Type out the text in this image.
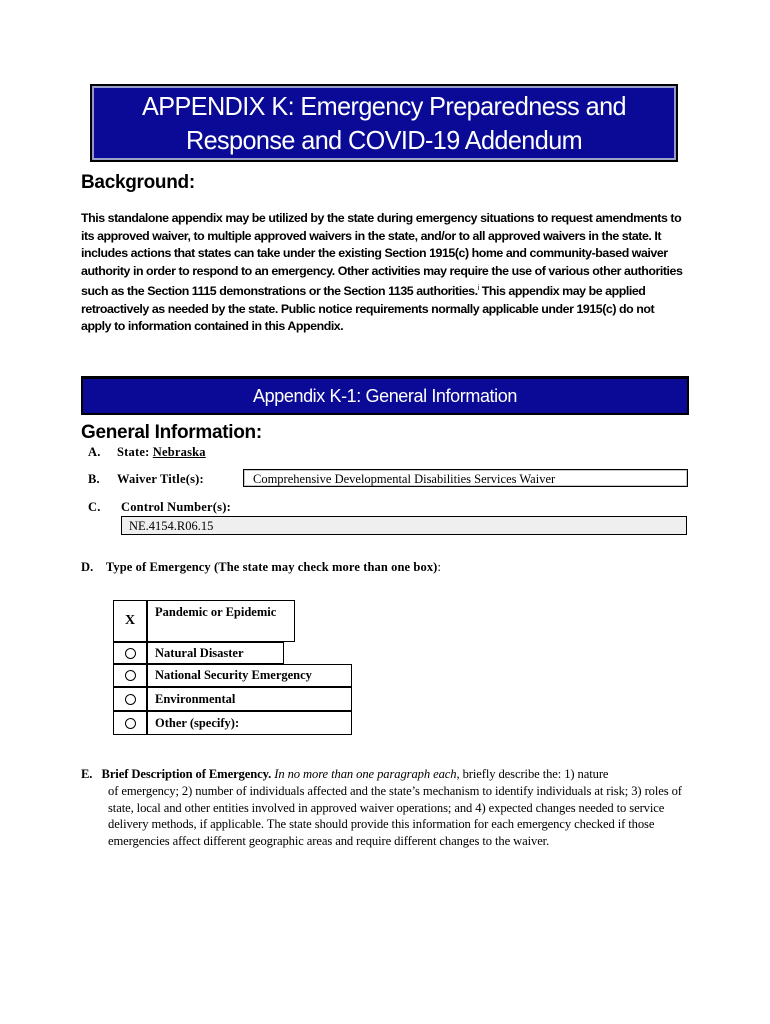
APPENDIX K: Emergency Preparedness and
Response and COVID-19 Addendum
Background:

This standalone appendix may be utilized by the state during emergency situations to request amendments to its approved waiver, to multiple approved waivers in the state, and/or to all approved waivers in the state. It includes actions that states can take under the existing Section 1915(c) home and community-based waiver authority in order to respond to an emergency. Other activities may require the use of various other authorities such as the Section 1115 demonstrations or the Section 1135 authorities.$^i$ This appendix may be applied retroactively as needed by the state. Public notice requirements normally applicable under 1915(c) do not apply to information contained in this Appendix.

Appendix K-1: General Information
General Information:
A. State: Nebraska
B. Waiver Title(s):	Comprehensive Developmental Disabilities Services Waiver
C. Control Number(s):
NE.4154.R06.15
D. Type of Emergency (The state may check more than one box):
X
Pandemic or Epidemic
Natural Disaster
National Security Emergency
Environmental
Other (specify):

E. Brief Description of Emergency. In no more than one paragraph each, briefly describe the: 1) nature
of emergency; 2) number of individuals affected and the state’s mechanism to identify individuals at risk; 3) roles of state, local and other entities involved in approved waiver operations; and 4) expected changes needed to service delivery methods, if applicable. The state should provide this information for each emergency checked if those emergencies affect different geographic areas and require different changes to the waiver.
